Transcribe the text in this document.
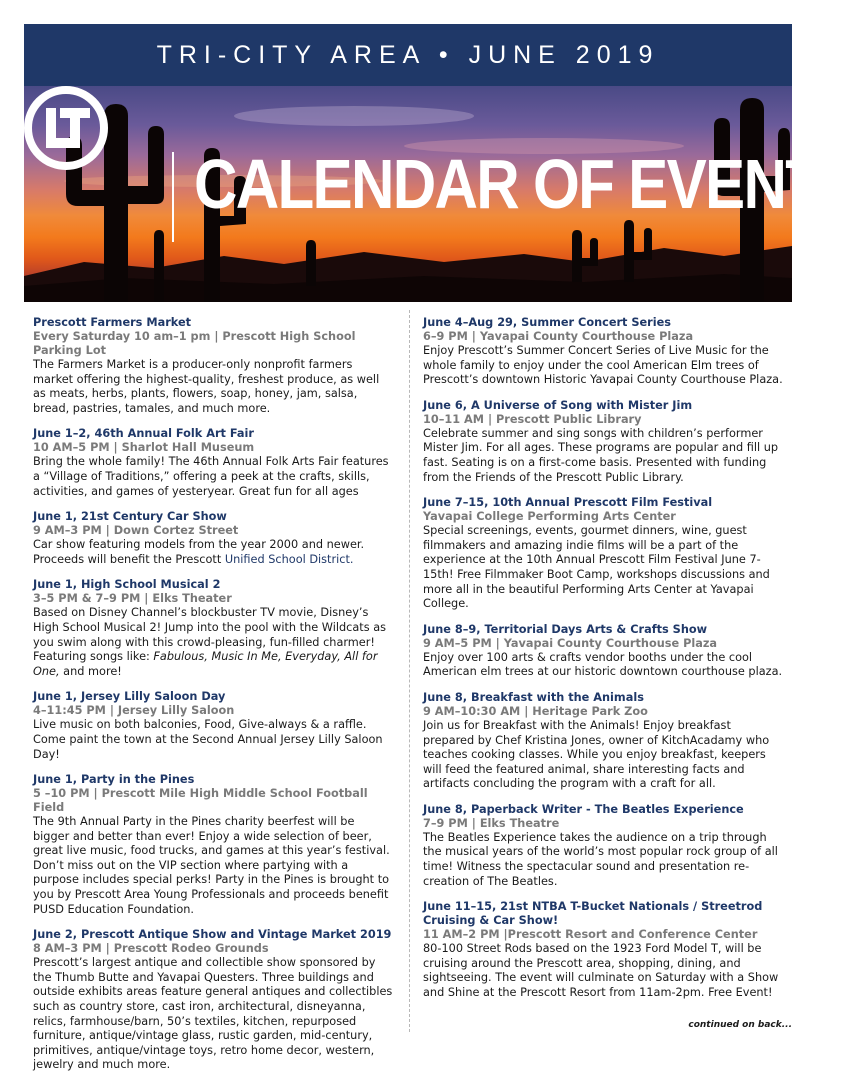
TRI-CITY AREA • JUNE 2019
CALENDAR OF EVENTS

Prescott Farmers Market

Every Saturday 10 am–1 pm | Prescott High School Parking Lot

The Farmers Market is a producer-only nonprofit farmers market offering the highest-quality, freshest produce, as well as meats, herbs, plants, flowers, soap, honey, jam, salsa, bread, pastries, tamales, and much more.

June 1–2, 46th Annual Folk Art Fair

10 AM–5 PM | Sharlot Hall Museum

Bring the whole family! The 46th Annual Folk Arts Fair features a “Village of Traditions,” offering a peek at the crafts, skills, activities, and games of yesteryear. Great fun for all ages

June 1, 21st Century Car Show

9 AM–3 PM | Down Cortez Street

Car show featuring models from the year 2000 and newer. Proceeds will benefit the Prescott Unified School District.

June 1, High School Musical 2

3–5 PM & 7–9 PM | Elks Theater

Based on Disney Channel’s blockbuster TV movie, Disney’s High School Musical 2! Jump into the pool with the Wildcats as you swim along with this crowd-pleasing, fun-filled charmer! Featuring songs like: Fabulous, Music In Me, Everyday, All for One, and more!

June 1, Jersey Lilly Saloon Day

4–11:45 PM | Jersey Lilly Saloon

Live music on both balconies, Food, Give-always & a raffle. Come paint the town at the Second Annual Jersey Lilly Saloon Day!

June 1, Party in the Pines

5 –10 PM | Prescott Mile High Middle School Football Field

The 9th Annual Party in the Pines charity beerfest will be bigger and better than ever! Enjoy a wide selection of beer, great live music, food trucks, and games at this year’s festival. Don’t miss out on the VIP section where partying with a purpose includes special perks! Party in the Pines is brought to you by Prescott Area Young Professionals and proceeds benefit PUSD Education Foundation.

June 2, Prescott Antique Show and Vintage Market 2019

8 AM–3 PM | Prescott Rodeo Grounds

Prescott’s largest antique and collectible show sponsored by the Thumb Butte and Yavapai Questers. Three buildings and outside exhibits areas feature general antiques and collectibles such as country store, cast iron, architectural, disneyanna, relics, farmhouse/barn, 50’s textiles, kitchen, repurposed furniture, antique/vintage glass, rustic garden, mid-century, primitives, antique/vintage toys, retro home decor, western, jewelry and much more.

June 4–Aug 29, Summer Concert Series

6–9 PM | Yavapai County Courthouse Plaza

Enjoy Prescott’s Summer Concert Series of Live Music for the whole family to enjoy under the cool American Elm trees of Prescott’s downtown Historic Yavapai County Courthouse Plaza.

June 6, A Universe of Song with Mister Jim

10–11 AM | Prescott Public Library

Celebrate summer and sing songs with children’s performer Mister Jim. For all ages. These programs are popular and fill up fast. Seating is on a first-come basis. Presented with funding from the Friends of the Prescott Public Library.

June 7–15, 10th Annual Prescott Film Festival

Yavapai College Performing Arts Center

Special screenings, events, gourmet dinners, wine, guest filmmakers and amazing indie films will be a part of the experience at the 10th Annual Prescott Film Festival June 7-15th! Free Filmmaker Boot Camp, workshops discussions and more all in the beautiful Performing Arts Center at Yavapai College.

June 8–9, Territorial Days Arts & Crafts Show

9 AM–5 PM | Yavapai County Courthouse Plaza

Enjoy over 100 arts & crafts vendor booths under the cool American elm trees at our historic downtown courthouse plaza.

June 8, Breakfast with the Animals

9 AM–10:30 AM | Heritage Park Zoo

Join us for Breakfast with the Animals! Enjoy breakfast prepared by Chef Kristina Jones, owner of KitchAcadamy who teaches cooking classes. While you enjoy breakfast, keepers will feed the featured animal, share interesting facts and artifacts concluding the program with a craft for all.

June 8, Paperback Writer - The Beatles Experience

7–9 PM | Elks Theatre

The Beatles Experience takes the audience on a trip through the musical years of the world’s most popular rock group of all time! Witness the spectacular sound and presentation re-creation of The Beatles.

June 11–15, 21st NTBA T-Bucket Nationals / Streetrod Cruising & Car Show!

11 AM–2 PM |Prescott Resort and Conference Center

80-100 Street Rods based on the 1923 Ford Model T, will be cruising around the Prescott area, shopping, dining, and sightseeing. The event will culminate on Saturday with a Show and Shine at the Prescott Resort from 11am-2pm. Free Event!

continued on back...
